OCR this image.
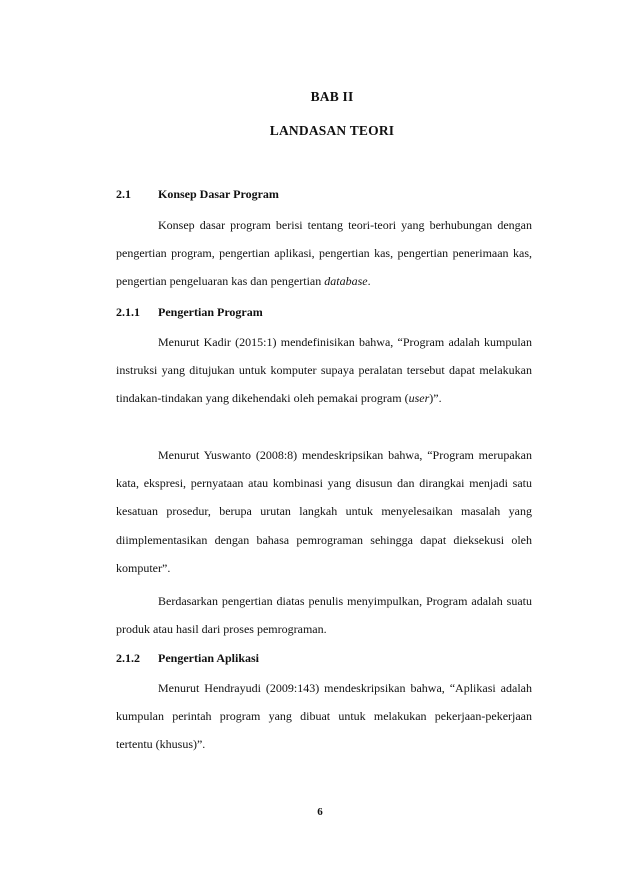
BAB II
LANDASAN TEORI
2.1 Konsep Dasar Program

Konsep dasar program berisi tentang teori-teori yang berhubungan dengan pengertian program, pengertian aplikasi, pengertian kas, pengertian penerimaan kas, pengertian pengeluaran kas dan pengertian database.

2.1.1 Pengertian Program

Menurut Kadir (2015:1) mendefinisikan bahwa, “Program adalah kumpulan instruksi yang ditujukan untuk komputer supaya peralatan tersebut dapat melakukan tindakan-tindakan yang dikehendaki oleh pemakai program (user)”.

Menurut Yuswanto (2008:8) mendeskripsikan bahwa, “Program merupakan kata, ekspresi, pernyataan atau kombinasi yang disusun dan dirangkai menjadi satu kesatuan prosedur, berupa urutan langkah untuk menyelesaikan masalah yang diimplementasikan dengan bahasa pemrograman sehingga dapat dieksekusi oleh komputer”.

Berdasarkan pengertian diatas penulis menyimpulkan, Program adalah suatu produk atau hasil dari proses pemrograman.

2.1.2 Pengertian Aplikasi

Menurut Hendrayudi (2009:143) mendeskripsikan bahwa, “Aplikasi adalah kumpulan perintah program yang dibuat untuk melakukan pekerjaan-pekerjaan tertentu (khusus)”.

6
